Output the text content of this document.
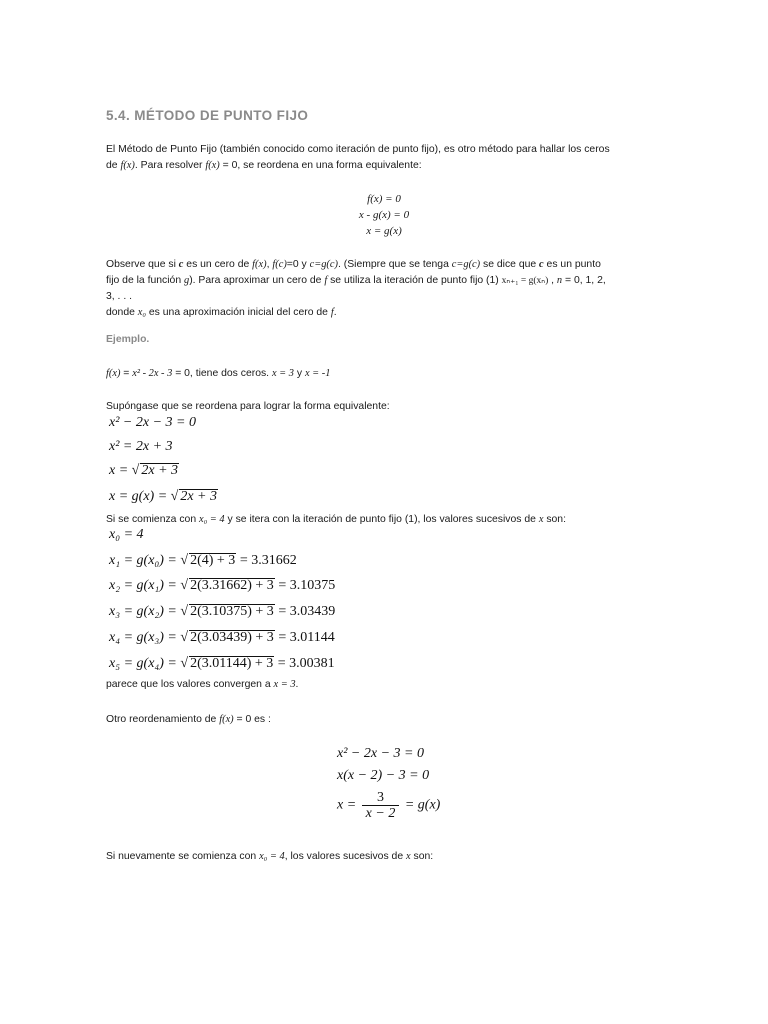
5.4. MÉTODO DE PUNTO FIJO
El Método de Punto Fijo (también conocido como iteración de punto fijo), es otro método para hallar los ceros
de f(x). Para resolver f(x) = 0, se reordena en una forma equivalente:
f(x) = 0
x - g(x) = 0
x = g(x)
Observe que si c es un cero de f(x), f(c)=0 y c=g(c). (Siempre que se tenga c=g(c) se dice que c es un punto
fijo de la función g). Para aproximar un cero de f se utiliza la iteración de punto fijo (1) xₙ₊₁ = g(xₙ) , n = 0, 1, 2,
3, . . .
donde x₀ es una aproximación inicial del cero de f.
Ejemplo.
f(x) = x² - 2x - 3 = 0, tiene dos ceros. x = 3 y x = -1
Supóngase que se reordena para lograr la forma equivalente:
x² − 2x − 3 = 0
x² = 2x + 3
x = √ 2x + 3
x = g(x) = √ 2x + 3
Si se comienza con x₀ = 4 y se itera con la iteración de punto fijo (1), los valores sucesivos de x son:
x₀ = 4
x₁ = g(x₀) = √ 2(4) + 3 = 3.31662
x₂ = g(x₁) = √ 2(3.31662) + 3 = 3.10375
x₃ = g(x₂) = √ 2(3.10375) + 3 = 3.03439
x₄ = g(x₃) = √ 2(3.03439) + 3 = 3.01144
x₅ = g(x₄) = √ 2(3.01144) + 3 = 3.00381
parece que los valores convergen a x = 3.
Otro reordenamiento de f(x) = 0 es :
x² − 2x − 3 = 0
x(x − 2) − 3 = 0
$x = \frac{3}{x - 2} = g(x)$
Si nuevamente se comienza con x₀ = 4, los valores sucesivos de x son:
